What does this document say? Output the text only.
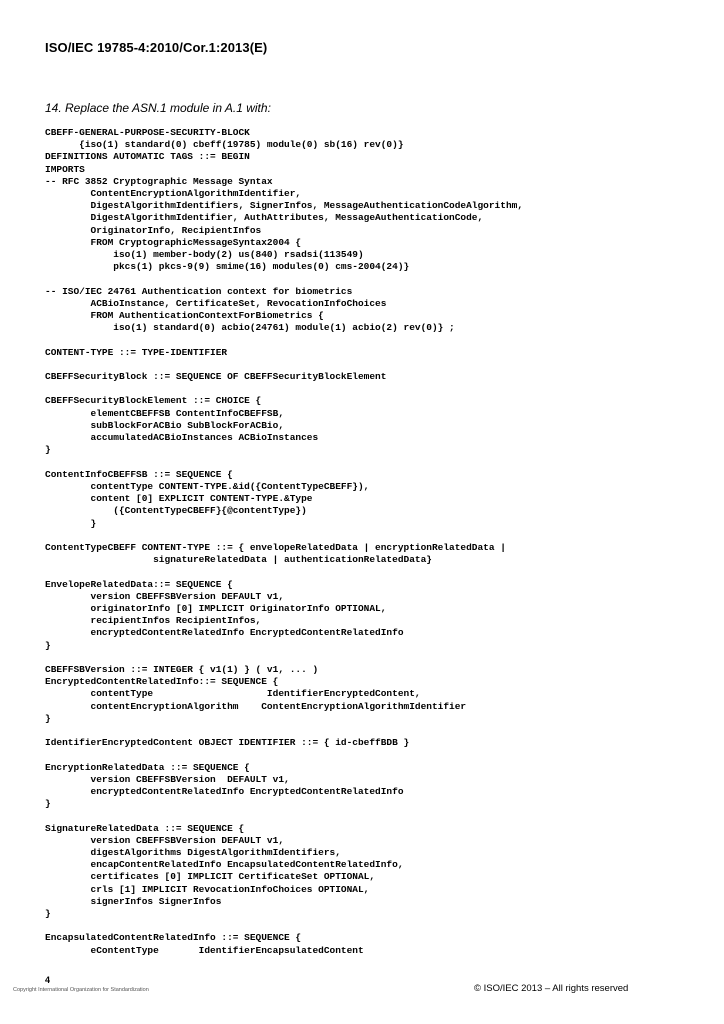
ISO/IEC 19785-4:2010/Cor.1:2013(E)
14. Replace the ASN.1 module in A.1 with:
CBEFF-GENERAL-PURPOSE-SECURITY-BLOCK
{iso(1) standard(0) cbeff(19785) module(0) sb(16) rev(0)}
DEFINITIONS AUTOMATIC TAGS ::= BEGIN
IMPORTS
-- RFC 3852 Cryptographic Message Syntax
ContentEncryptionAlgorithmIdentifier,
DigestAlgorithmIdentifiers, SignerInfos, MessageAuthenticationCodeAlgorithm,
DigestAlgorithmIdentifier, AuthAttributes, MessageAuthenticationCode,
OriginatorInfo, RecipientInfos
FROM CryptographicMessageSyntax2004 {
iso(1) member-body(2) us(840) rsadsi(113549)
pkcs(1) pkcs-9(9) smime(16) modules(0) cms-2004(24)}

-- ISO/IEC 24761 Authentication context for biometrics
ACBioInstance, CertificateSet, RevocationInfoChoices
FROM AuthenticationContextForBiometrics {
iso(1) standard(0) acbio(24761) module(1) acbio(2) rev(0)} ;

CONTENT-TYPE ::= TYPE-IDENTIFIER

CBEFFSecurityBlock ::= SEQUENCE OF CBEFFSecurityBlockElement

CBEFFSecurityBlockElement ::= CHOICE {
elementCBEFFSB ContentInfoCBEFFSB,
subBlockForACBio SubBlockForACBio,
accumulatedACBioInstances ACBioInstances
}

ContentInfoCBEFFSB ::= SEQUENCE {
contentType CONTENT-TYPE.&id({ContentTypeCBEFF}),
content [0] EXPLICIT CONTENT-TYPE.&Type
({ContentTypeCBEFF}{@contentType})
}

ContentTypeCBEFF CONTENT-TYPE ::= { envelopeRelatedData | encryptionRelatedData |
signatureRelatedData | authenticationRelatedData}

EnvelopeRelatedData::= SEQUENCE {
version CBEFFSBVersion DEFAULT v1,
originatorInfo [0] IMPLICIT OriginatorInfo OPTIONAL,
recipientInfos RecipientInfos,
encryptedContentRelatedInfo EncryptedContentRelatedInfo
}

CBEFFSBVersion ::= INTEGER { v1(1) } ( v1, ... )
EncryptedContentRelatedInfo::= SEQUENCE {
contentType                    IdentifierEncryptedContent,
contentEncryptionAlgorithm    ContentEncryptionAlgorithmIdentifier
}

IdentifierEncryptedContent OBJECT IDENTIFIER ::= { id-cbeffBDB }

EncryptionRelatedData ::= SEQUENCE {
version CBEFFSBVersion  DEFAULT v1,
encryptedContentRelatedInfo EncryptedContentRelatedInfo
}

SignatureRelatedData ::= SEQUENCE {
version CBEFFSBVersion DEFAULT v1,
digestAlgorithms DigestAlgorithmIdentifiers,
encapContentRelatedInfo EncapsulatedContentRelatedInfo,
certificates [0] IMPLICIT CertificateSet OPTIONAL,
crls [1] IMPLICIT RevocationInfoChoices OPTIONAL,
signerInfos SignerInfos
}

EncapsulatedContentRelatedInfo ::= SEQUENCE {
eContentType       IdentifierEncapsulatedContent
4
Copyright International Organization for Standardization	© ISO/IEC 2013 – All rights reserved
